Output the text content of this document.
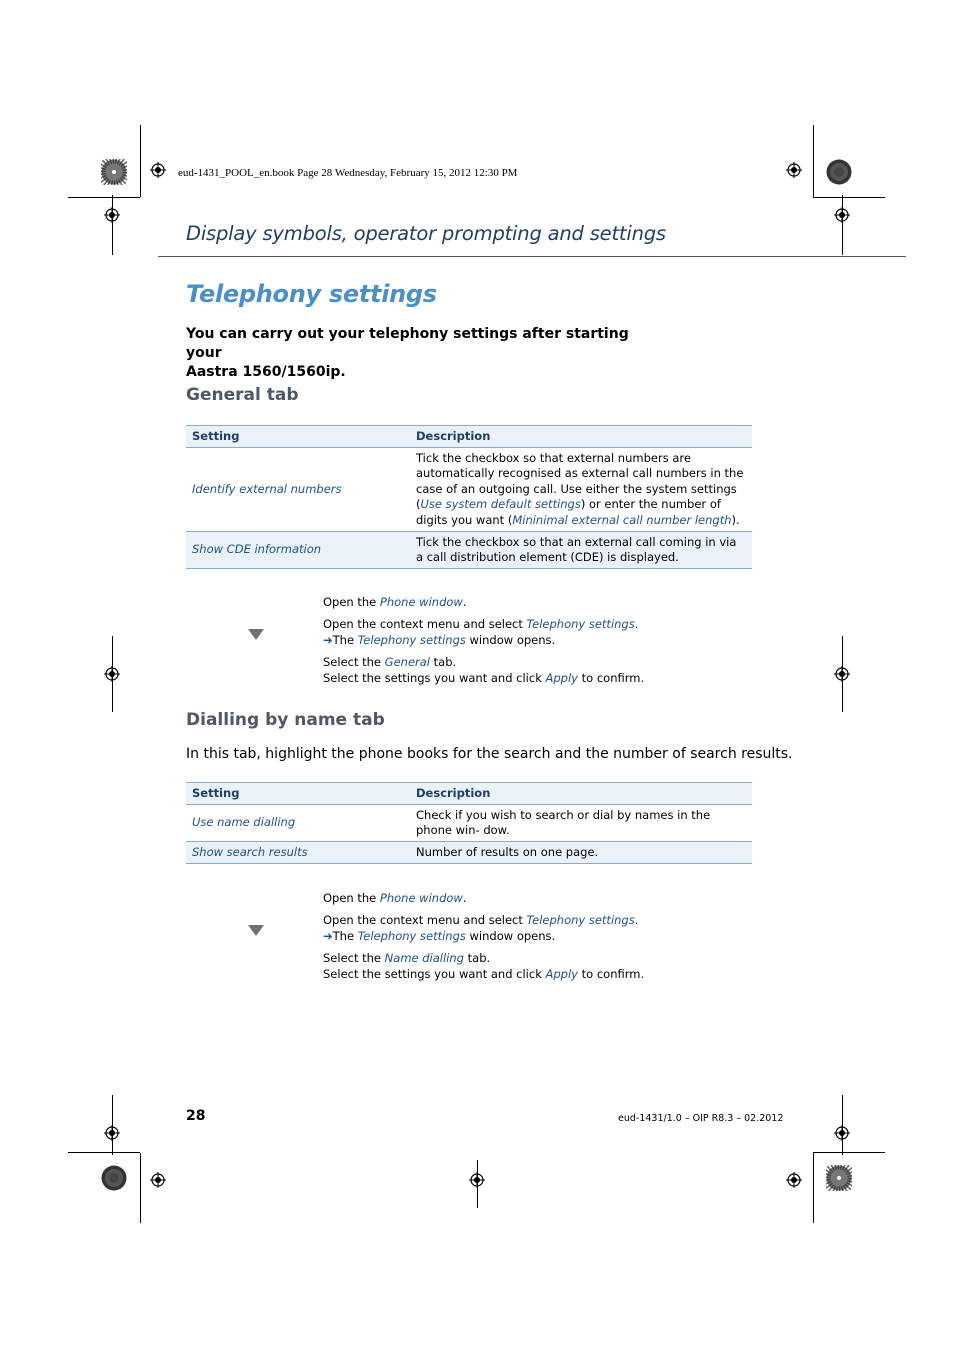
eud-1431_POOL_en.book Page 28 Wednesday, February 15, 2012 12:30 PM
Display symbols, operator prompting and settings
Telephony settings
You can carry out your telephony settings after starting your
Aastra 1560/1560ip.
General tab
Setting	Description
Identify external numbers	Tick the checkbox so that external numbers are automatically recognised as external call numbers in the case of an outgoing call. Use either the system settings (Use system default settings) or enter the number of digits you want (Mininimal external call number length).
Show CDE information	Tick the checkbox so that an external call coming in via a call distribution element (CDE) is displayed.
Open the Phone window.
Open the context menu and select Telephony settings.
➔The Telephony settings window opens.
Select the General tab.
Select the settings you want and click Apply to confirm.
Dialling by name tab
In this tab, highlight the phone books for the search and the number of search results.
Setting	Description
Use name dialling	Check if you wish to search or dial by names in the phone win- dow.
Show search results	Number of results on one page.
Open the Phone window.
Open the context menu and select Telephony settings.
➔The Telephony settings window opens.
Select the Name dialling tab.
Select the settings you want and click Apply to confirm.
28	eud-1431/1.0 – OIP R8.3 – 02.2012
